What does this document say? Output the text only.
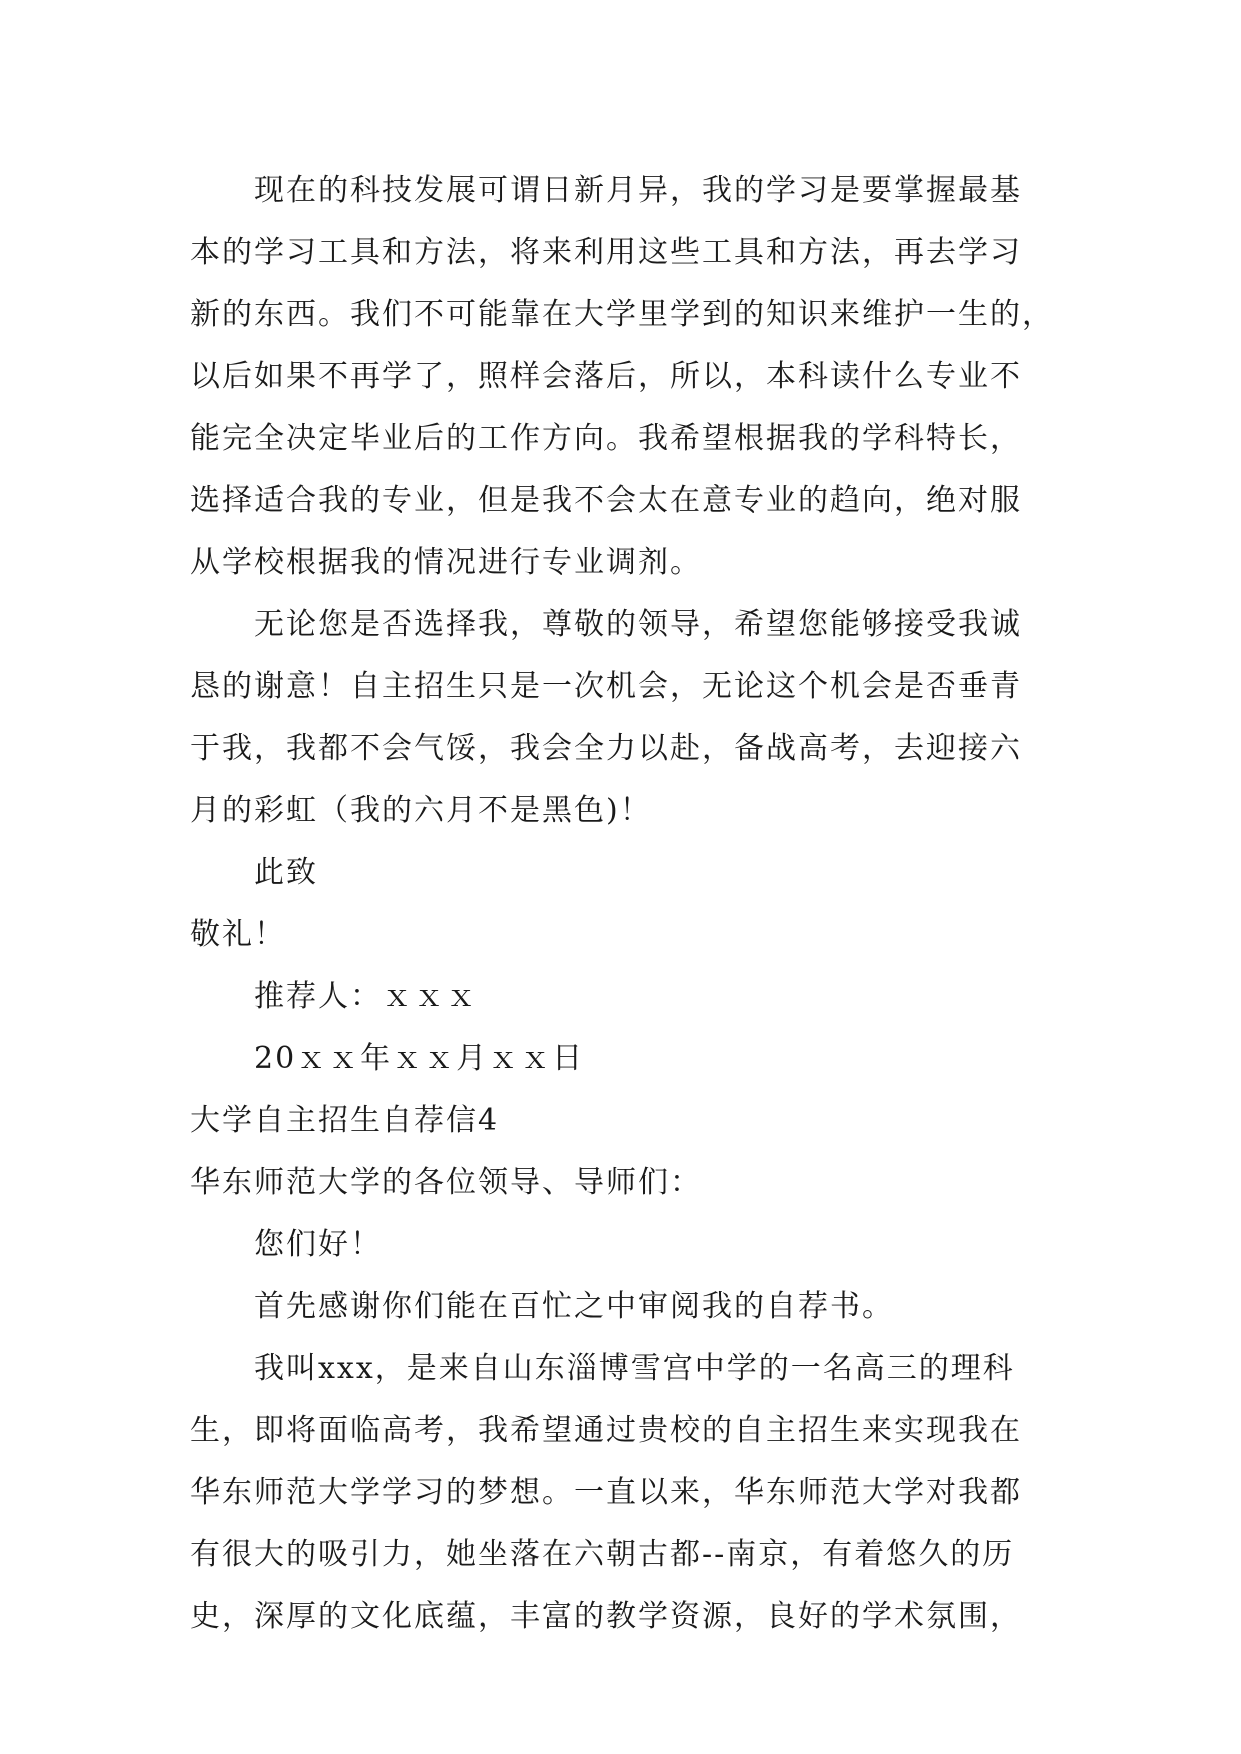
现在的科技发展可谓日新月异，我的学习是要掌握最基
本的学习工具和方法，将来利用这些工具和方法，再去学习
新的东西。我们不可能靠在大学里学到的知识来维护一生的，
以后如果不再学了，照样会落后，所以，本科读什么专业不
能完全决定毕业后的工作方向。我希望根据我的学科特长，
选择适合我的专业，但是我不会太在意专业的趋向，绝对服
从学校根据我的情况进行专业调剂。
无论您是否选择我，尊敬的领导，希望您能够接受我诚
恳的谢意！自主招生只是一次机会，无论这个机会是否垂青
于我，我都不会气馁，我会全力以赴，备战高考，去迎接六
月的彩虹（我的六月不是黑色)！
此致
敬礼！
推荐人：ｘｘｘ
20ｘｘ年ｘｘ月ｘｘ日
大学自主招生自荐信4
华东师范大学的各位领导、导师们：
您们好！
首先感谢你们能在百忙之中审阅我的自荐书。
我叫xxx，是来自山东淄博雪宫中学的一名高三的理科
生，即将面临高考，我希望通过贵校的自主招生来实现我在
华东师范大学学习的梦想。一直以来，华东师范大学对我都
有很大的吸引力，她坐落在六朝古都--南京，有着悠久的历
史，深厚的文化底蕴，丰富的教学资源，良好的学术氛围，
